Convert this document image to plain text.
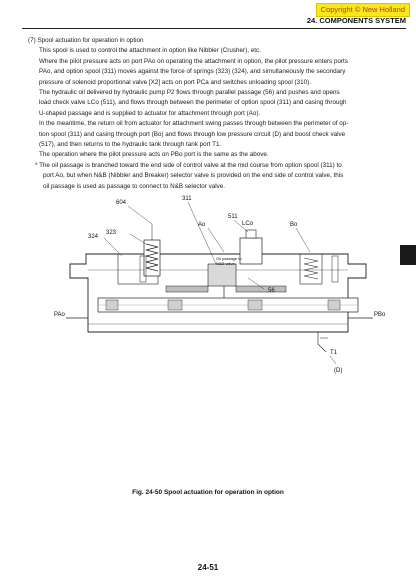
Copyright © New Holland
24. COMPONENTS SYSTEM

(7) Spool actuation for operation in option

This spool is used to control the attachment in option like Nibbler (Crusher), etc.

Where the pilot pressure acts on port PAo on operating the attachment in option, the pilot pressure enters ports

PAo, and option spool (311) moves against the force of springs (323) (324), and simultaneously the secondary

pressure of solenoid proportional valve [X2] acts on port PCa and switches unloading spool (310).

The hydraulic oil delivered by hydraulic pump P2 flows through parallel passage (56) and pushes and opens

load check valve LCo (511), and flows through between the perimeter of option spool (311) and casing through

U-shaped passage and is supplied to actuator for attachment through port (Ao).

In the meantime, the return oil from actuator for attachment swing passes through between the perimeter of op-

tion spool (311) and casing through port (Bo) and flows through low pressure circuit (D) and boost check valve

(517), and then returns to the hydraulic tank through tank port T1.

The operation where the pilot pressure acts on PBo port is the same as the above.

* The oil passage is branched toward the end side of control valve at the mid course from option spool (311) to

port Ao, but when N&B (Nibbler and Breaker) selector valve is provided on the end side of control valve, this

oil passage is used as passage to connect to N&B selector valve.

604
311
511
LCo
Ao	Bo
324
323
56
PAo	PBo
T1
(D)
Oil passage to
N&B valve
Fig. 24-50 Spool actuation for operation in option
24-51
